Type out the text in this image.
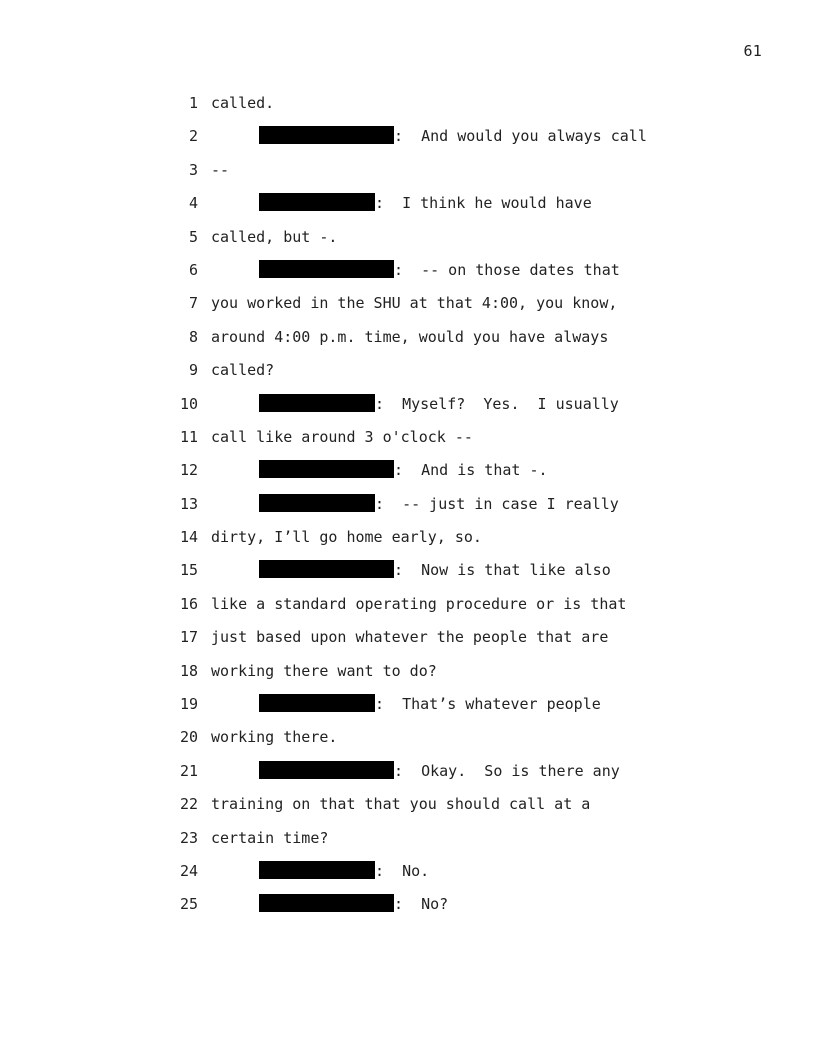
61
1 called.
2	:  And would you always call
3 --
4	:  I think he would have
5 called, but -.
6	:  -- on those dates that
7 you worked in the SHU at that 4:00, you know,
8 around 4:00 p.m. time, would you have always
9 called?
10	:  Myself?  Yes.  I usually
11 call like around 3 o'clock --
12	:  And is that -.
13	:  -- just in case I really
14 dirty, I’ll go home early, so.
15	:  Now is that like also
16 like a standard operating procedure or is that
17 just based upon whatever the people that are
18 working there want to do?
19	:  That’s whatever people
20 working there.
21	:  Okay.  So is there any
22 training on that that you should call at a
23 certain time?
24	:  No.
25	:  No?
